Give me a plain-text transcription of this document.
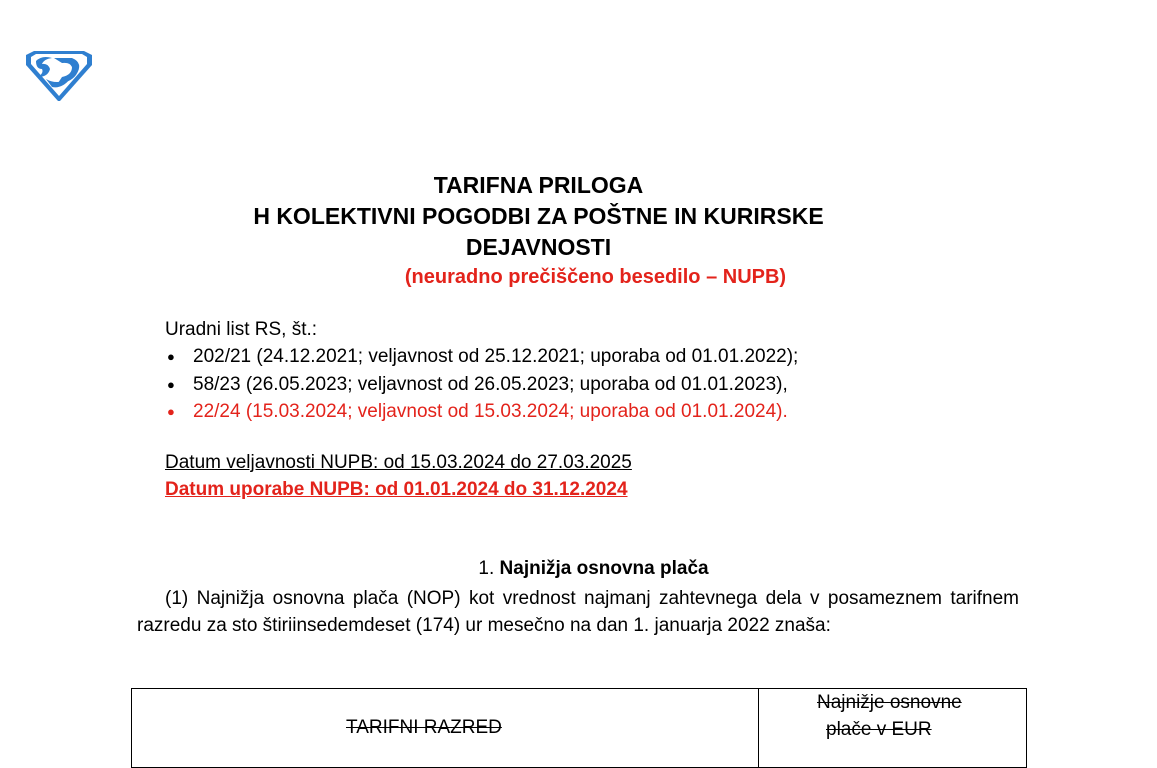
TARIFNA PRILOGA
H KOLEKTIVNI POGODBI ZA POŠTNE IN KURIRSKE
DEJAVNOSTI
(neuradno prečiščeno besedilo – NUPB)
Uradni list RS, št.:
● 202/21 (24.12.2021; veljavnost od 25.12.2021; uporaba od 01.01.2022);
● 58/23 (26.05.2023; veljavnost od 26.05.2023; uporaba od 01.01.2023),
● 22/24 (15.03.2024; veljavnost od 15.03.2024; uporaba od 01.01.2024).
Datum veljavnosti NUPB: od 15.03.2024 do 27.03.2025
Datum uporabe NUPB: od 01.01.2024 do 31.12.2024
1. Najnižja osnovna plača
(1) Najnižja osnovna plača (NOP) kot vrednost najmanj zahtevnega dela v posameznem tarifnem razredu za sto štiriinsedemdeset (174) ur mesečno na dan 1. januarja 2022 znaša:
TARIFNI RAZRED
Najnižje osnovne
plače v EUR
